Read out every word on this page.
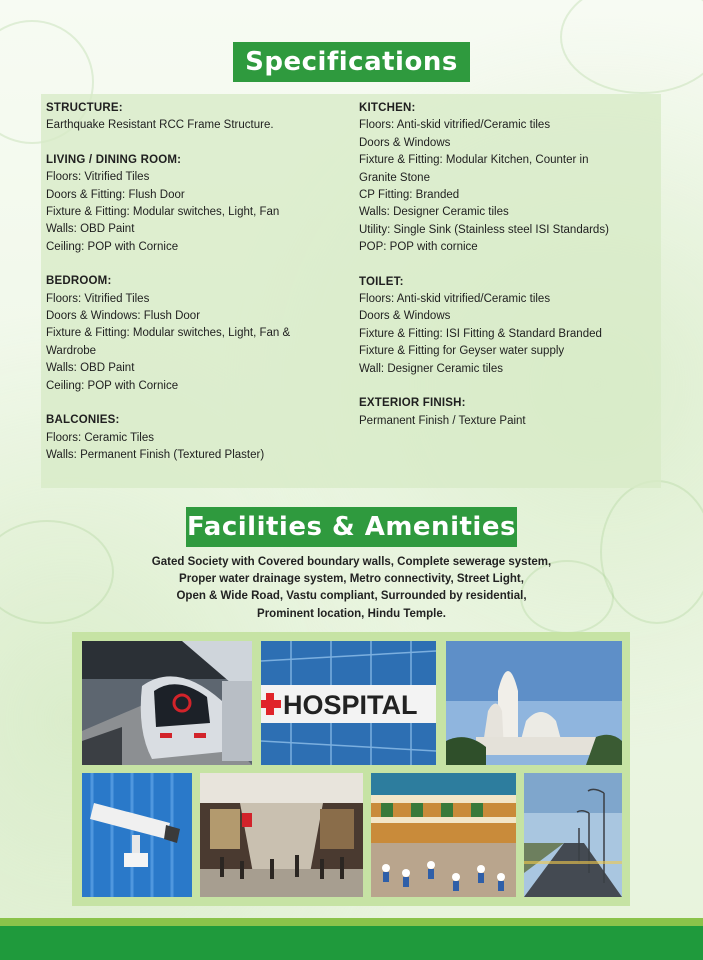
Specifications
STRUCTURE:
Earthquake Resistant RCC Frame Structure.
LIVING / DINING ROOM:
Floors: Vitrified Tiles
Doors & Fitting: Flush Door
Fixture & Fitting: Modular switches, Light, Fan
Walls: OBD Paint
Ceiling: POP with Cornice
BEDROOM:
Floors: Vitrified Tiles
Doors & Windows: Flush Door
Fixture & Fitting: Modular switches, Light, Fan &
Wardrobe
Walls: OBD Paint
Ceiling: POP with Cornice
BALCONIES:
Floors: Ceramic Tiles
Walls: Permanent Finish (Textured Plaster)
KITCHEN:
Floors: Anti-skid vitrified/Ceramic tiles
Doors & Windows
Fixture & Fitting: Modular Kitchen, Counter in
Granite Stone
CP Fitting: Branded
Walls: Designer Ceramic tiles
Utility: Single Sink (Stainless steel ISI Standards)
POP: POP with cornice
TOILET:
Floors: Anti-skid vitrified/Ceramic tiles
Doors & Windows
Fixture & Fitting: ISI Fitting & Standard Branded
Fixture & Fitting for Geyser water supply
Wall: Designer Ceramic tiles
EXTERIOR FINISH:
Permanent Finish / Texture Paint
Facilities & Amenities
Gated Society with Covered boundary walls, Complete sewerage system,
Proper water drainage system, Metro connectivity, Street Light,
Open & Wide Road, Vastu compliant, Surrounded by residential,
Prominent location, Hindu Temple.
HOSPITAL
